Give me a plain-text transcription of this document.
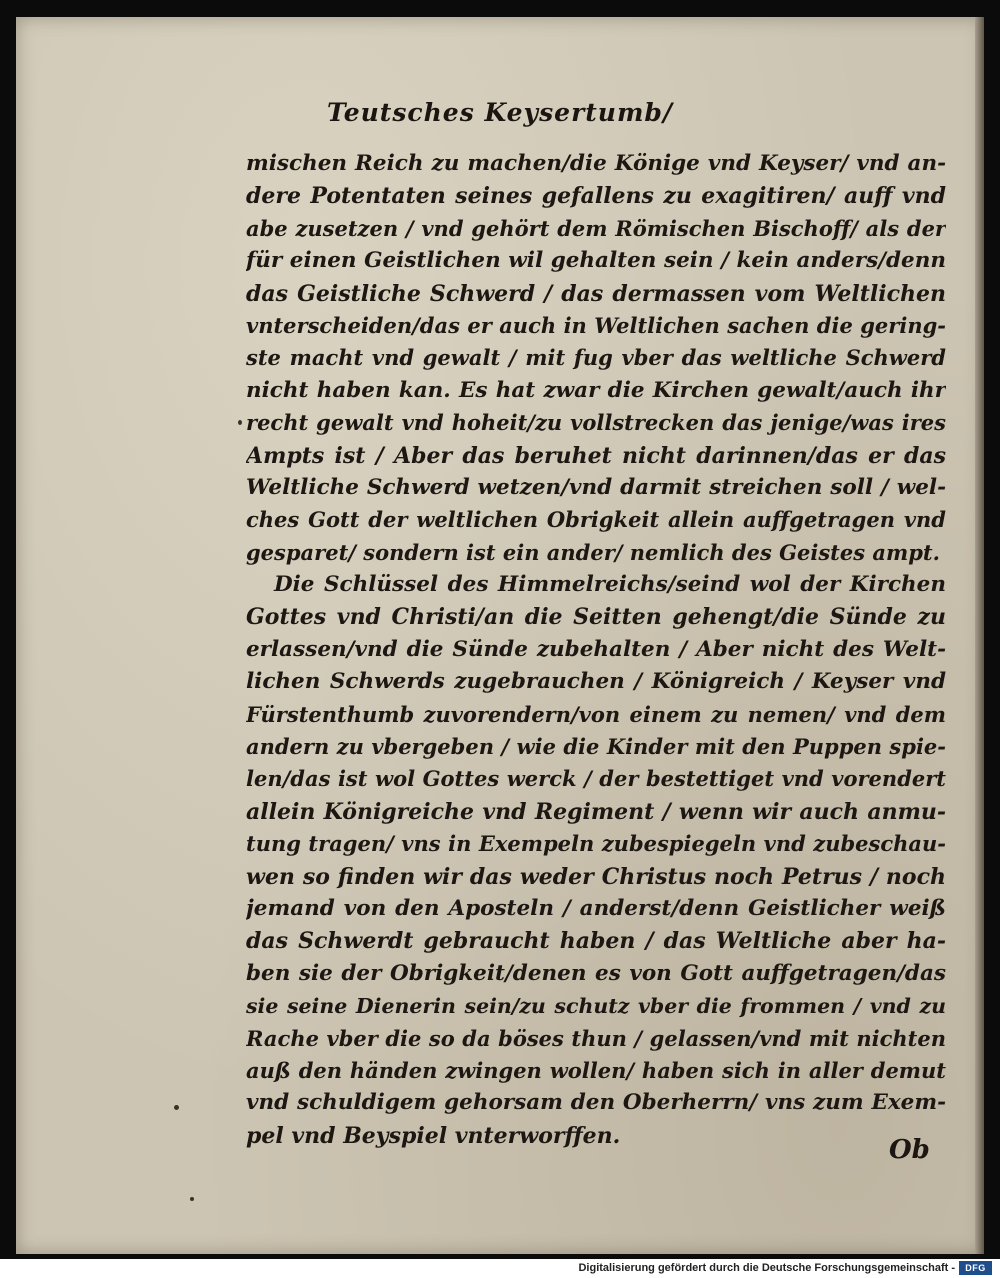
Teutsches Keysertumb/
mischen Reich zu machen/die Könige vnd Keyser/ vnd an-
dere Potentaten seines gefallens zu exagitiren/ auff vnd
abe zusetzen / vnd gehört dem Römischen Bischoff/ als der
für einen Geistlichen wil gehalten sein / kein anders/denn
das Geistliche Schwerd / das dermassen vom Weltlichen
vnterscheiden/das er auch in Weltlichen sachen die gering-
ste macht vnd gewalt / mit fug vber das weltliche Schwerd
nicht haben kan. Es hat zwar die Kirchen gewalt/auch ihr
recht gewalt vnd hoheit/zu vollstrecken das jenige/was ires
Ampts ist / Aber das beruhet nicht darinnen/das er das
Weltliche Schwerd wetzen/vnd darmit streichen soll / wel-
ches Gott der weltlichen Obrigkeit allein auffgetragen vnd
gesparet/ sondern ist ein ander/ nemlich des Geistes ampt.
Die Schlüssel des Himmelreichs/seind wol der Kirchen
Gottes vnd Christi/an die Seitten gehengt/die Sünde zu
erlassen/vnd die Sünde zubehalten / Aber nicht des Welt-
lichen Schwerds zugebrauchen / Königreich / Keyser vnd
Fürstenthumb zuvorendern/von einem zu nemen/ vnd dem
andern zu vbergeben / wie die Kinder mit den Puppen spie-
len/das ist wol Gottes werck / der bestettiget vnd vorendert
allein Königreiche vnd Regiment / wenn wir auch anmu-
tung tragen/ vns in Exempeln zubespiegeln vnd zubeschau-
wen so finden wir das weder Christus noch Petrus / noch
jemand von den Aposteln / anderst/denn Geistlicher weiß
das Schwerdt gebraucht haben / das Weltliche aber ha-
ben sie der Obrigkeit/denen es von Gott auffgetragen/das
sie seine Dienerin sein/zu schutz vber die frommen / vnd zu
Rache vber die so da böses thun / gelassen/vnd mit nichten
auß den händen zwingen wollen/ haben sich in aller demut
vnd schuldigem gehorsam den Oberherrn/ vns zum Exem-
pel vnd Beyspiel vnterworffen.	Ob
Digitalisierung gefördert durch die Deutsche Forschungsgemeinschaft -	DFG
